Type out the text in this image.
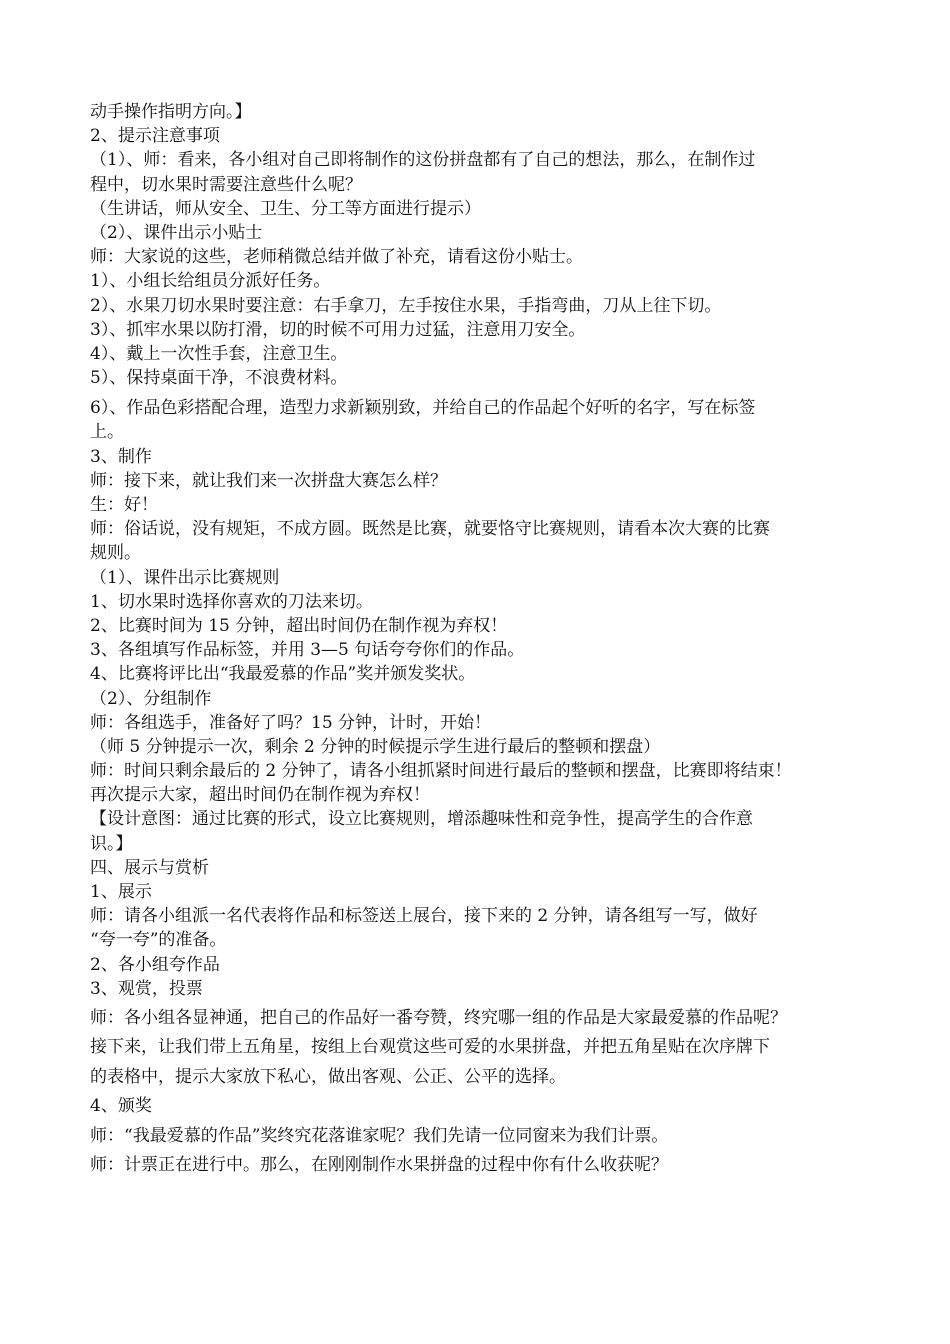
动手操作指明方向。】

2、提示注意事项

（1）、师：看来，各小组对自己即将制作的这份拼盘都有了自己的想法，那么，在制作过

程中，切水果时需要注意些什么呢？

（生讲话，师从安全、卫生、分工等方面进行提示）

（2）、课件出示小贴士

师：大家说的这些，老师稍微总结并做了补充，请看这份小贴士。

1）、小组长给组员分派好任务。

2）、水果刀切水果时要注意：右手拿刀，左手按住水果，手指弯曲，刀从上往下切。

3）、抓牢水果以防打滑，切的时候不可用力过猛，注意用刀安全。

4）、戴上一次性手套，注意卫生。

5）、保持桌面干净，不浪费材料。

6）、作品色彩搭配合理，造型力求新颖别致，并给自己的作品起个好听的名字，写在标签

上。

3、制作

师：接下来，就让我们来一次拼盘大赛怎么样？

生：好！

师：俗话说，没有规矩，不成方圆。既然是比赛，就要恪守比赛规则，请看本次大赛的比赛

规则。

（1）、课件出示比赛规则

1、切水果时选择你喜欢的刀法来切。

2、比赛时间为 15 分钟，超出时间仍在制作视为弃权！

3、各组填写作品标签，并用 3—5 句话夸夸你们的作品。

4、比赛将评比出“我最爱慕的作品”奖并颁发奖状。

（2）、分组制作

师：各组选手，准备好了吗？15 分钟，计时，开始！

（师 5 分钟提示一次，剩余 2 分钟的时候提示学生进行最后的整顿和摆盘）

师：时间只剩余最后的 2 分钟了，请各小组抓紧时间进行最后的整顿和摆盘，比赛即将结束！

再次提示大家，超出时间仍在制作视为弃权！

【设计意图：通过比赛的形式，设立比赛规则，增添趣味性和竞争性，提高学生的合作意

识。】

四、展示与赏析

1、展示

师：请各小组派一名代表将作品和标签送上展台，接下来的 2 分钟，请各组写一写，做好

“夸一夸”的准备。

2、各小组夸作品

3、观赏，投票

师：各小组各显神通，把自己的作品好一番夸赞，终究哪一组的作品是大家最爱慕的作品呢？

接下来，让我们带上五角星，按组上台观赏这些可爱的水果拼盘，并把五角星贴在次序牌下

的表格中，提示大家放下私心，做出客观、公正、公平的选择。

4、颁奖

师：“我最爱慕的作品”奖终究花落谁家呢？我们先请一位同窗来为我们计票。

师：计票正在进行中。那么，在刚刚制作水果拼盘的过程中你有什么收获呢？
